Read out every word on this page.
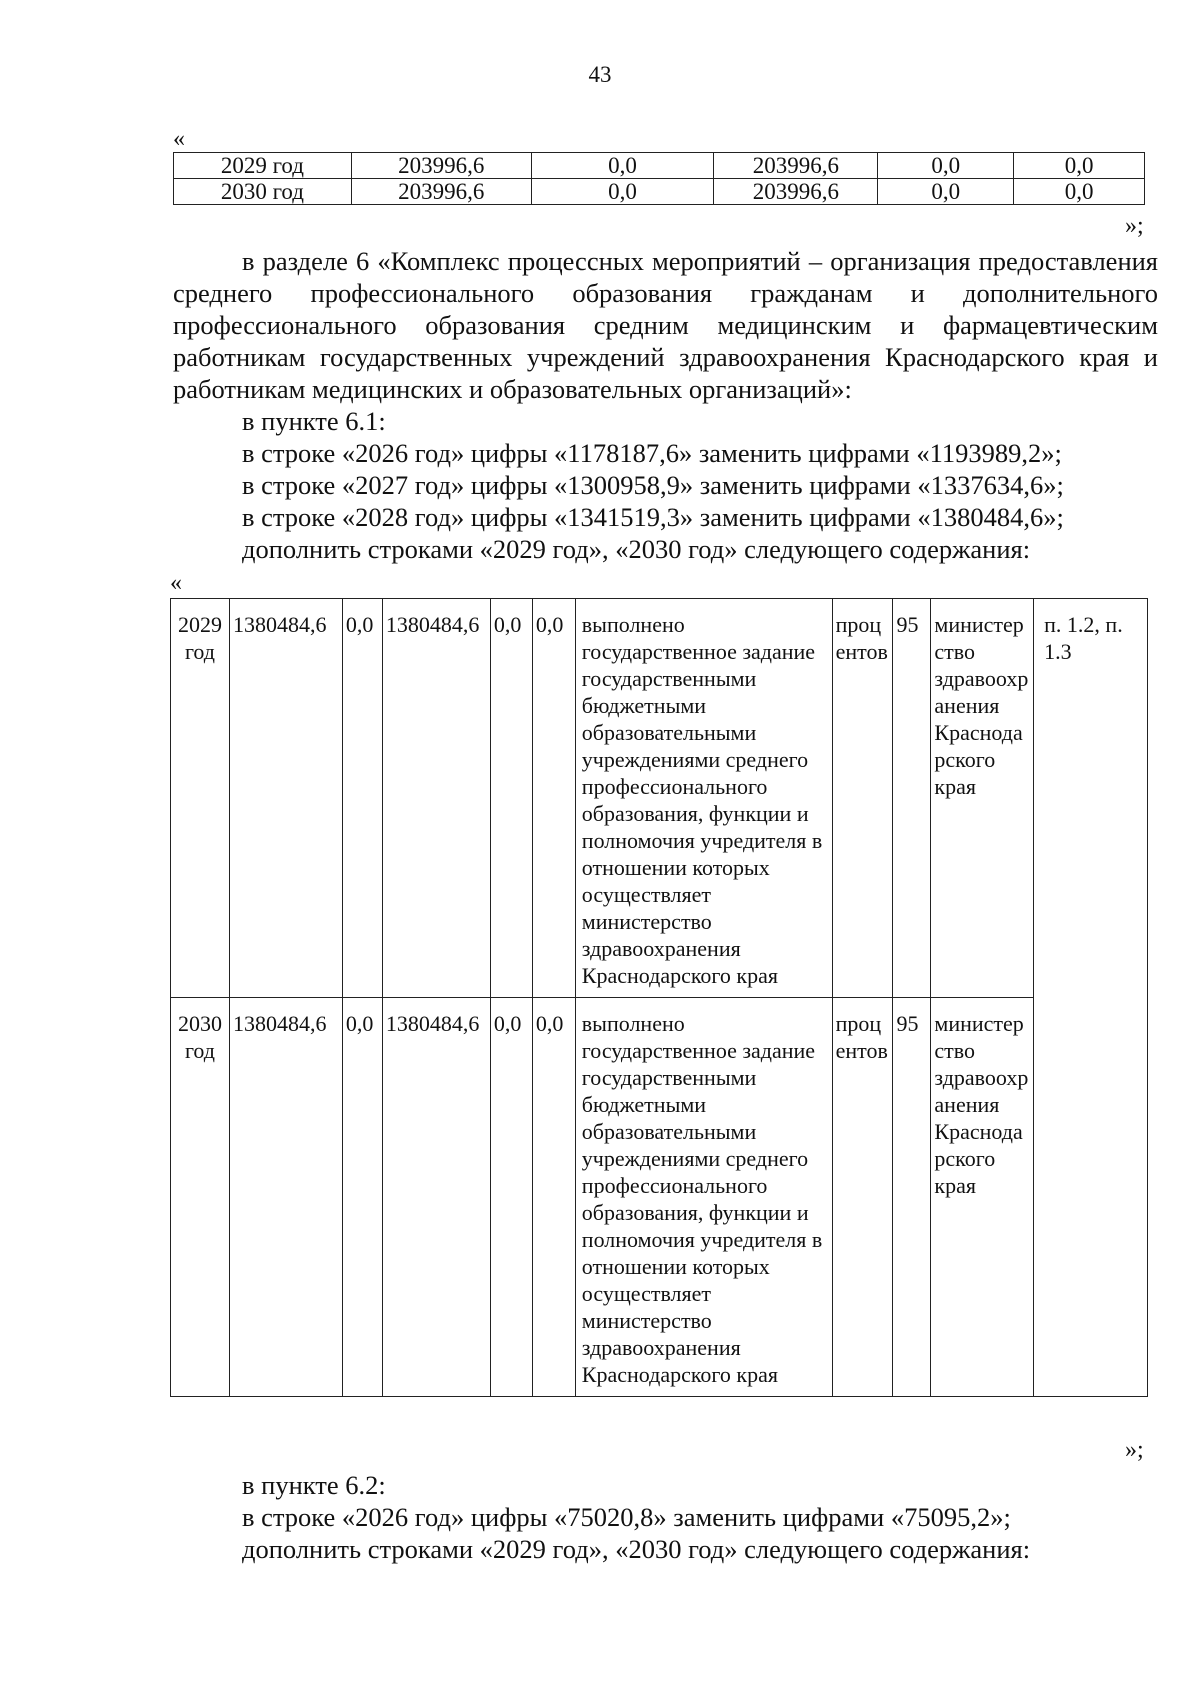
43
«
2029 год	203996,6	0,0	203996,6	0,0	0,0
2030 год	203996,6	0,0	203996,6	0,0	0,0
»;

в разделе 6 «Комплекс процессных мероприятий – организация предоставления среднего профессионального образования гражданам и дополнительного профессионального образования средним медицинским и фармацевтическим работникам государственных учреждений здравоохранения Краснодарского края и работникам медицинских и образовательных организаций»:

в пункте 6.1:
в строке «2026 год» цифры «1178187,6» заменить цифрами «1193989,2»;
в строке «2027 год» цифры «1300958,9» заменить цифрами «1337634,6»;
в строке «2028 год» цифры «1341519,3» заменить цифрами «1380484,6»;
дополнить строками «2029 год», «2030 год» следующего содержания:
«
2029 год	1380484,6	0,0	1380484,6	0,0	0,0	выполнено государственное задание государственными бюджетными образовательными учреждениями среднего профессионального образования, функции и полномочия учредителя в отношении которых осуществляет министерство здравоохранения Краснодарского края	процентов	95	министерство здравоохранения Краснодарского края	п. 1.2, п. 1.3
2030 год	1380484,6	0,0	1380484,6	0,0	0,0	выполнено государственное задание государственными бюджетными образовательными учреждениями среднего профессионального образования, функции и полномочия учредителя в отношении которых осуществляет министерство здравоохранения Краснодарского края	процентов	95	министерство здравоохранения Краснодарского края	
»;
в пункте 6.2:
в строке «2026 год» цифры «75020,8» заменить цифрами «75095,2»;
дополнить строками «2029 год», «2030 год» следующего содержания:
